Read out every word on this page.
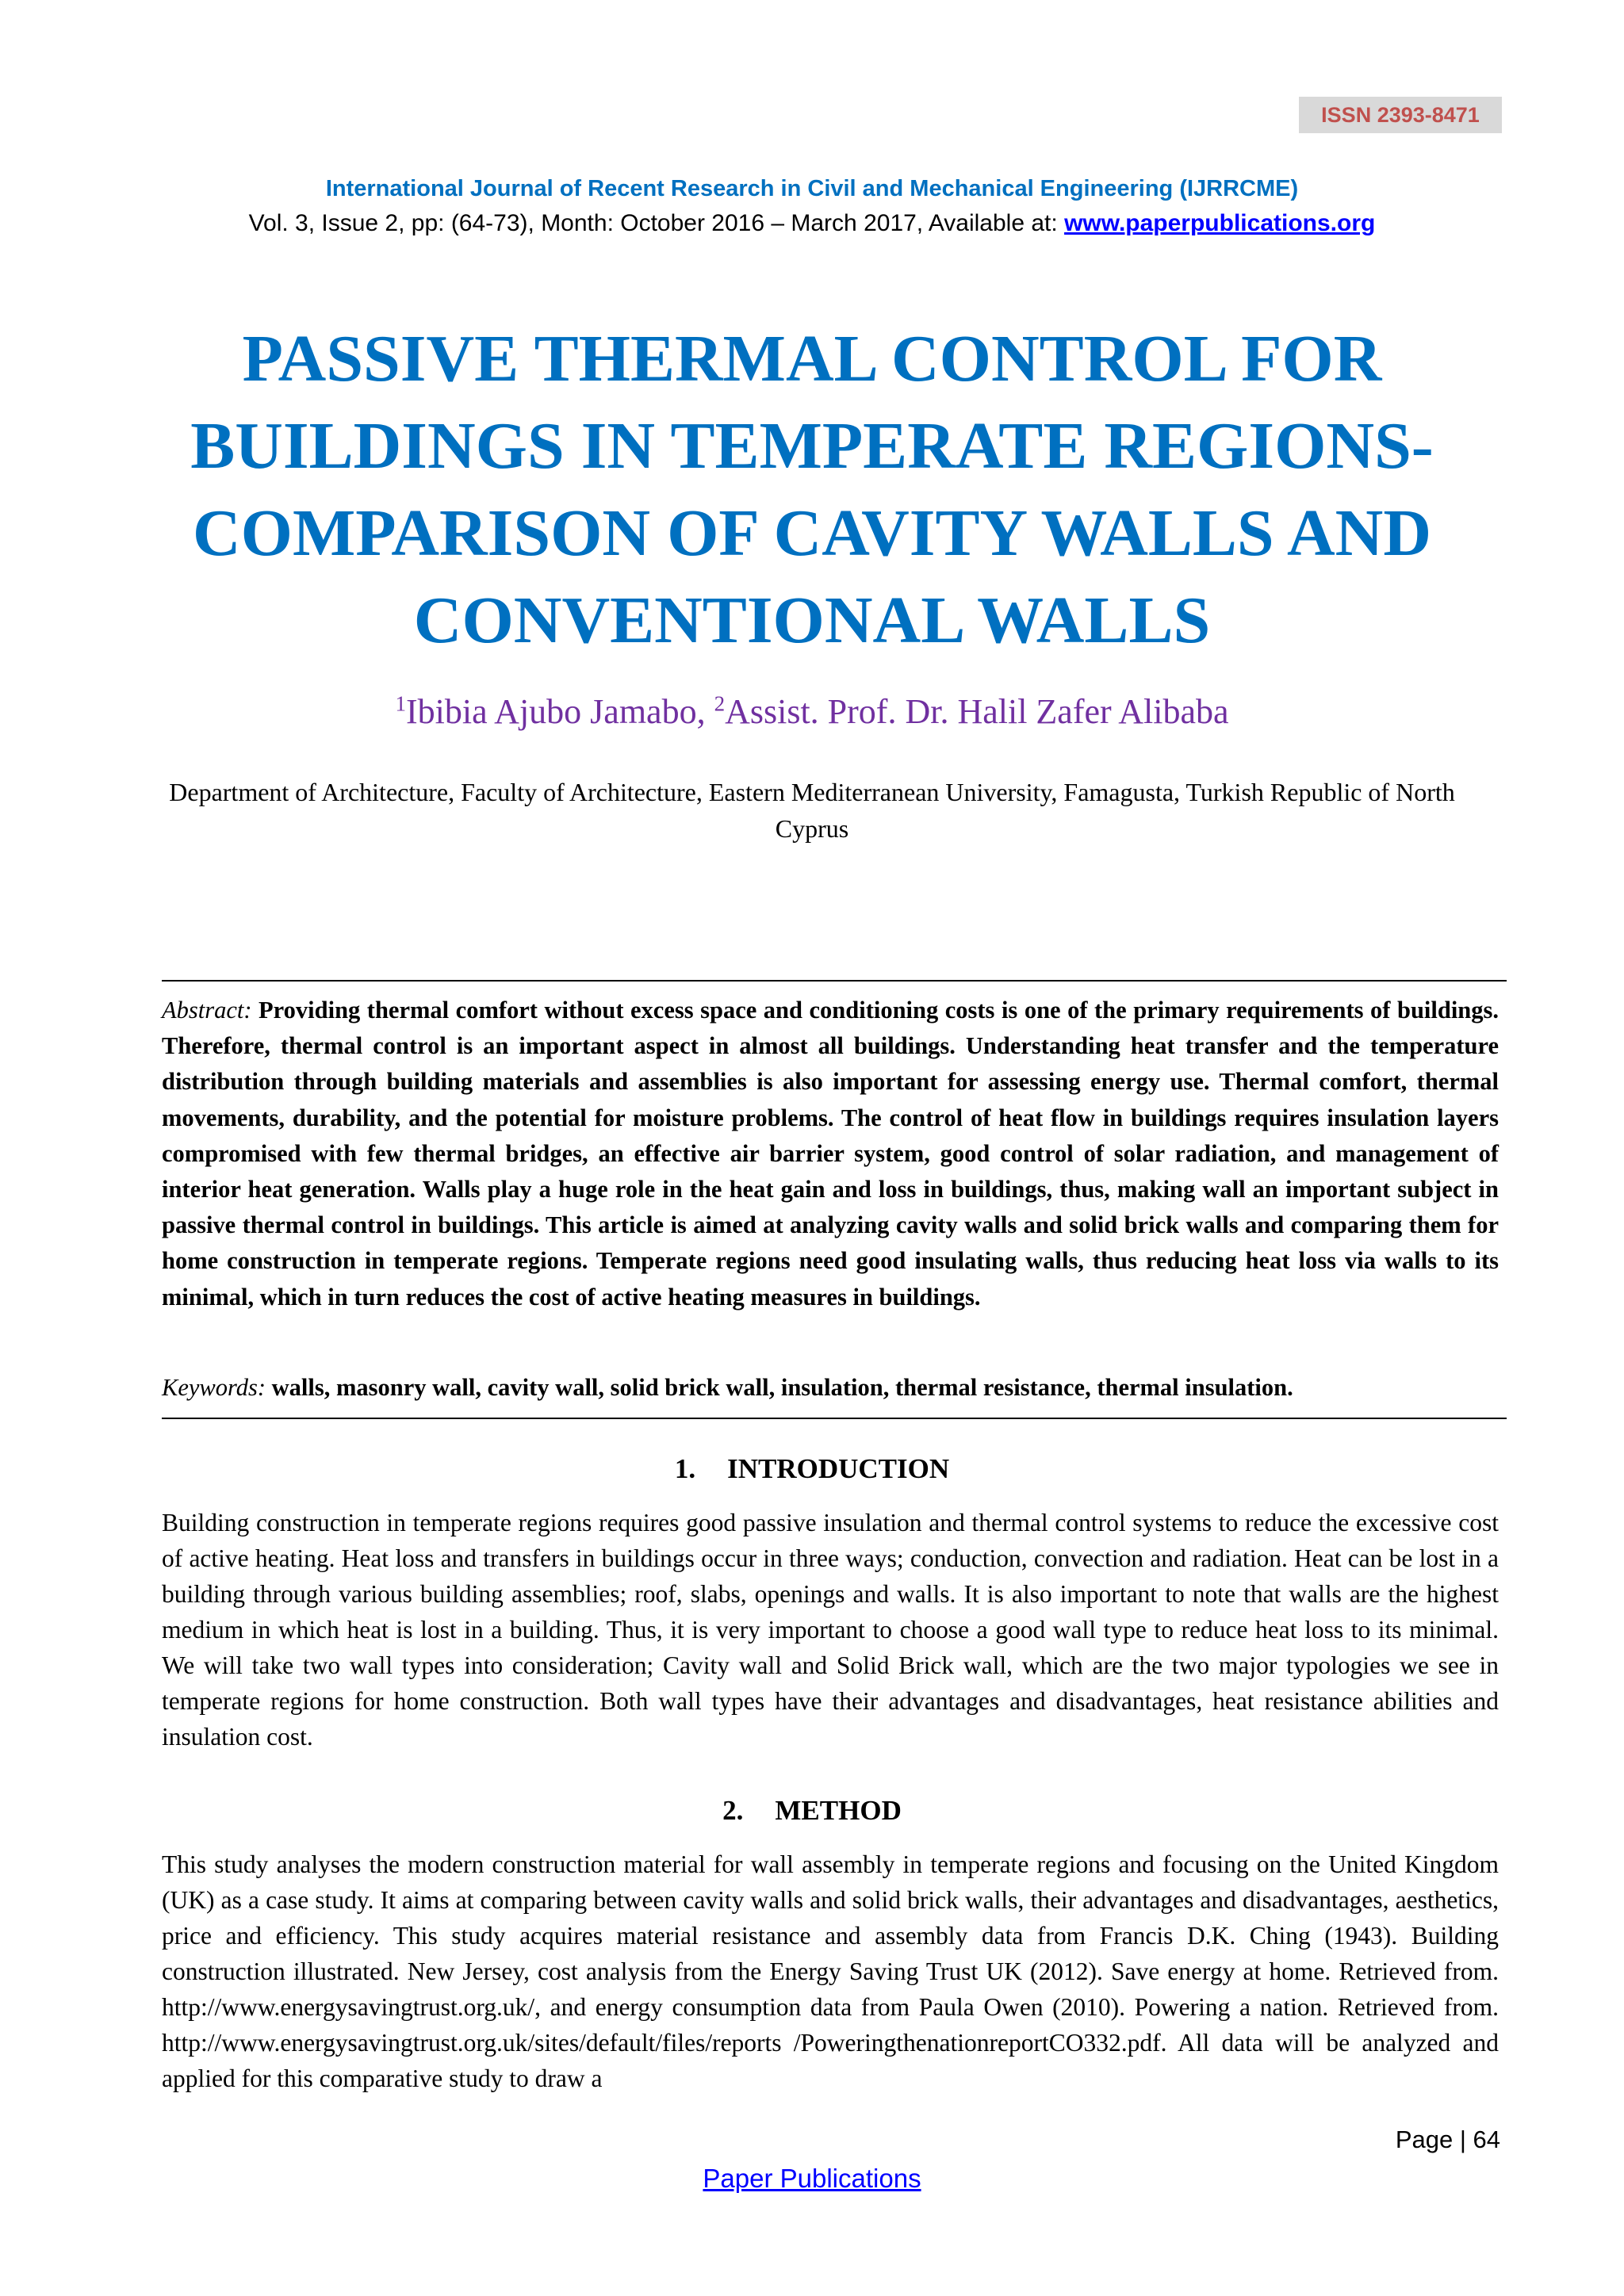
ISSN 2393-8471
International Journal of Recent Research in Civil and Mechanical Engineering (IJRRCME)
Vol. 3, Issue 2, pp: (64-73), Month: October 2016 – March 2017, Available at: www.paperpublications.org
PASSIVE THERMAL CONTROL FOR
BUILDINGS IN TEMPERATE REGIONS-
COMPARISON OF CAVITY WALLS AND
CONVENTIONAL WALLS
$^1$Ibibia Ajubo Jamabo, $^2$Assist. Prof. Dr. Halil Zafer Alibaba
Department of Architecture, Faculty of Architecture, Eastern Mediterranean University, Famagusta, Turkish Republic of North Cyprus
Abstract: Providing thermal comfort without excess space and conditioning costs is one of the primary requirements of buildings. Therefore, thermal control is an important aspect in almost all buildings. Understanding heat transfer and the temperature distribution through building materials and assemblies is also important for assessing energy use. Thermal comfort, thermal movements, durability, and the potential for moisture problems. The control of heat flow in buildings requires insulation layers compromised with few thermal bridges, an effective air barrier system, good control of solar radiation, and management of interior heat generation. Walls play a huge role in the heat gain and loss in buildings, thus, making wall an important subject in passive thermal control in buildings. This article is aimed at analyzing cavity walls and solid brick walls and comparing them for home construction in temperate regions. Temperate regions need good insulating walls, thus reducing heat loss via walls to its minimal, which in turn reduces the cost of active heating measures in buildings.
Keywords: walls, masonry wall, cavity wall, solid brick wall, insulation, thermal resistance, thermal insulation.
1. INTRODUCTION
Building construction in temperate regions requires good passive insulation and thermal control systems to reduce the excessive cost of active heating. Heat loss and transfers in buildings occur in three ways; conduction, convection and radiation. Heat can be lost in a building through various building assemblies; roof, slabs, openings and walls. It is also important to note that walls are the highest medium in which heat is lost in a building. Thus, it is very important to choose a good wall type to reduce heat loss to its minimal. We will take two wall types into consideration; Cavity wall and Solid Brick wall, which are the two major typologies we see in temperate regions for home construction. Both wall types have their advantages and disadvantages, heat resistance abilities and insulation cost.
2. METHOD
This study analyses the modern construction material for wall assembly in temperate regions and focusing on the United Kingdom (UK) as a case study. It aims at comparing between cavity walls and solid brick walls, their advantages and disadvantages, aesthetics, price and efficiency. This study acquires material resistance and assembly data from Francis D.K. Ching (1943). Building construction illustrated. New Jersey, cost analysis from the Energy Saving Trust UK (2012). Save energy at home. Retrieved from. http://www.energysavingtrust.org.uk/, and energy consumption data from Paula Owen (2010). Powering a nation. Retrieved from. http://www.energysavingtrust.org.uk/sites/default/files/reports /PoweringthenationreportCO332.pdf. All data will be analyzed and applied for this comparative study to draw a
Page | 64
Paper Publications
